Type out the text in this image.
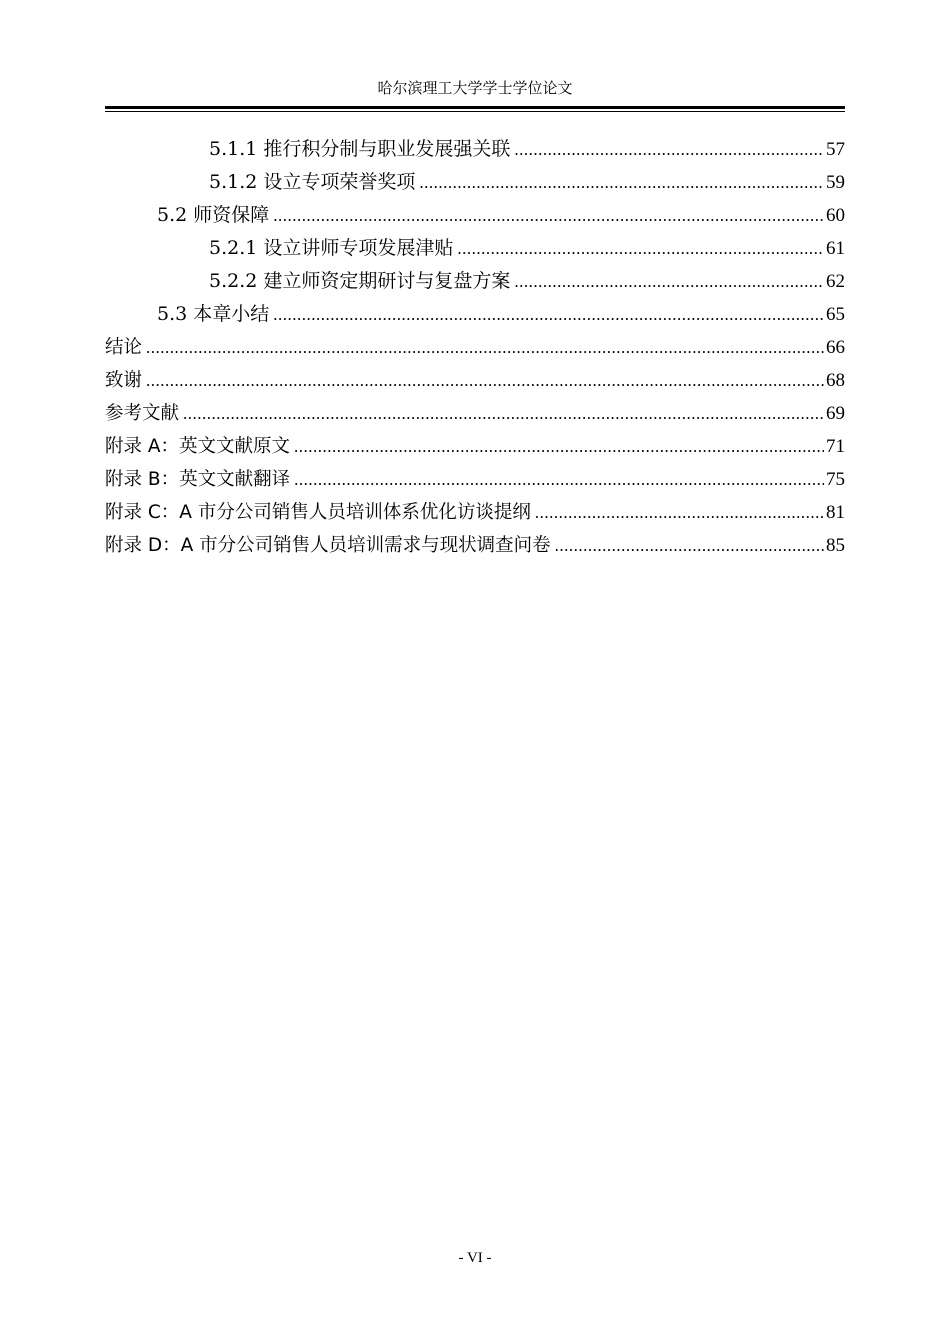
哈尔滨理工大学学士学位论文
5.1.1 推行积分制与职业发展强关联 .....	57
5.1.2 设立专项荣誉奖项 .....	59
5.2 师资保障 .....	60
5.2.1 设立讲师专项发展津贴 .....	61
5.2.2 建立师资定期研讨与复盘方案 .....	62
5.3 本章小结 .....	65
结论 .....	66
致谢 .....	68
参考文献 .....	69
附录 A：英文文献原文 .....	71
附录 B：英文文献翻译 .....	75
附录 C：A 市分公司销售人员培训体系优化访谈提纲 .....	81
附录 D：A 市分公司销售人员培训需求与现状调查问卷 .....	85
- VI -
